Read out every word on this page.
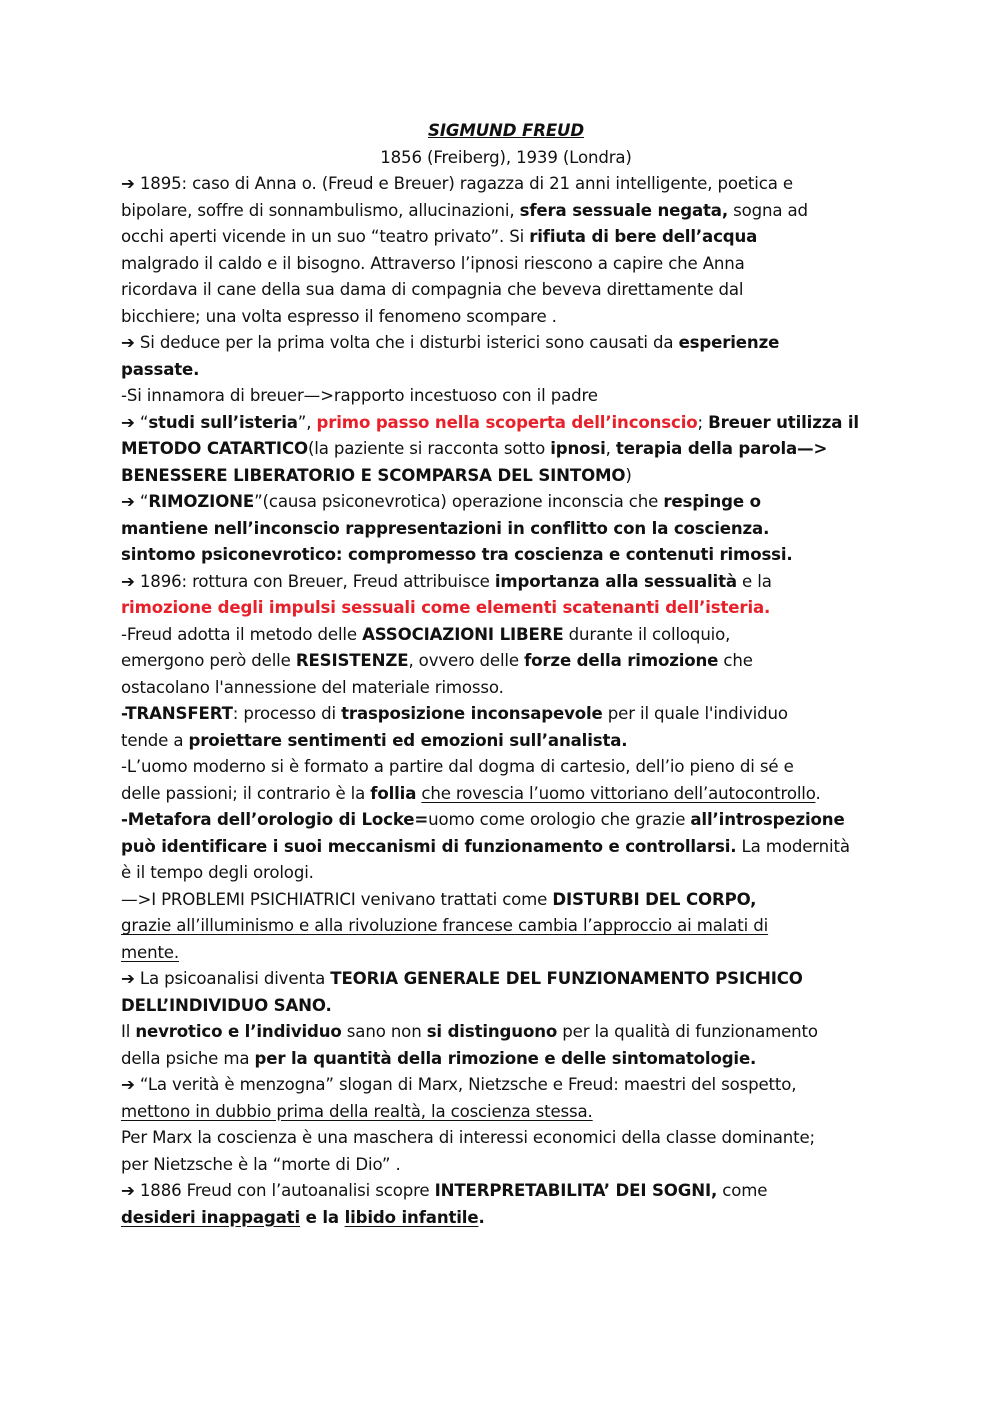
SIGMUND FREUD
1856 (Freiberg), 1939 (Londra)
➔ 1895: caso di Anna o. (Freud e Breuer) ragazza di 21 anni intelligente, poetica e
bipolare, soffre di sonnambulismo, allucinazioni, sfera sessuale negata, sogna ad
occhi aperti vicende in un suo “teatro privato”. Si rifiuta di bere dell’acqua
malgrado il caldo e il bisogno. Attraverso l’ipnosi riescono a capire che Anna
ricordava il cane della sua dama di compagnia che beveva direttamente dal
bicchiere; una volta espresso il fenomeno scompare .
➔ Si deduce per la prima volta che i disturbi isterici sono causati da esperienze
passate.
-Si innamora di breuer—>rapporto incestuoso con il padre
➔ “studi sull’isteria”, primo passo nella scoperta dell’inconscio; Breuer utilizza il
METODO CATARTICO(la paziente si racconta sotto ipnosi, terapia della parola—>
BENESSERE LIBERATORIO E SCOMPARSA DEL SINTOMO)
➔ “RIMOZIONE”(causa psiconevrotica) operazione inconscia che respinge o
mantiene nell’inconscio rappresentazioni in conflitto con la coscienza.
sintomo psiconevrotico: compromesso tra coscienza e contenuti rimossi.
➔ 1896: rottura con Breuer, Freud attribuisce importanza alla sessualità e la
rimozione degli impulsi sessuali come elementi scatenanti dell’isteria.
-Freud adotta il metodo delle ASSOCIAZIONI LIBERE durante il colloquio,
emergono però delle RESISTENZE, ovvero delle forze della rimozione che
ostacolano l'annessione del materiale rimosso.
-TRANSFERT: processo di trasposizione inconsapevole per il quale l'individuo
tende a proiettare sentimenti ed emozioni sull’analista.
-L’uomo moderno si è formato a partire dal dogma di cartesio, dell’io pieno di sé e
delle passioni; il contrario è la follia che rovescia l’uomo vittoriano dell’autocontrollo.
-Metafora dell’orologio di Locke=uomo come orologio che grazie all’introspezione
può identificare i suoi meccanismi di funzionamento e controllarsi. La modernità
è il tempo degli orologi.
—>I PROBLEMI PSICHIATRICI venivano trattati come DISTURBI DEL CORPO,
grazie all’illuminismo e alla rivoluzione francese cambia l’approccio ai malati di
mente.
➔ La psicoanalisi diventa TEORIA GENERALE DEL FUNZIONAMENTO PSICHICO
DELL’INDIVIDUO SANO.
Il nevrotico e l’individuo sano non si distinguono per la qualità di funzionamento
della psiche ma per la quantità della rimozione e delle sintomatologie.
➔ “La verità è menzogna” slogan di Marx, Nietzsche e Freud: maestri del sospetto,
mettono in dubbio prima della realtà, la coscienza stessa.
Per Marx la coscienza è una maschera di interessi economici della classe dominante;
per Nietzsche è la “morte di Dio” .
➔ 1886 Freud con l’autoanalisi scopre INTERPRETABILITA’ DEI SOGNI, come
desideri inappagati e la libido infantile.
